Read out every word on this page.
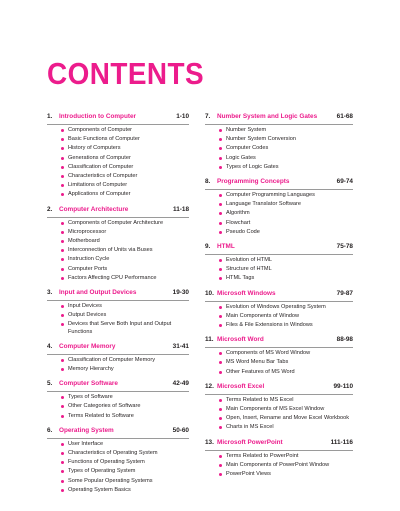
CONTENTS
1. Introduction to Computer	1-10
Components of Computer
Basic Functions of Computer
History of Computers
Generations of Computer
Classification of Computer
Characteristics of Computer
Limitations of Computer
Applications of Computer
2. Computer Architecture	11-18
Components of Computer Architecture
Microprocessor
Motherboard
Interconnection of Units via Buses
Instruction Cycle
Computer Ports
Factors Affecting CPU Performance
3. Input and Output Devices	19-30
Input Devices
Output Devices
Devices that Serve Both Input and Output Functions
4. Computer Memory	31-41
Classification of Computer Memory
Memory Hierarchy
5. Computer Software	42-49
Types of Software
Other Categories of Software
Terms Related to Software
6. Operating System	50-60
User Interface
Characteristics of Operating System
Functions of Operating System
Types of Operating System
Some Popular Operating Systems
Operating System Basics
7. Number System and Logic Gates	61-68
Number System
Number System Conversion
Computer Codes
Logic Gates
Types of Logic Gates
8. Programming Concepts	69-74
Computer Programming Languages
Language Translator Software
Algorithm
Flowchart
Pseudo Code
9. HTML	75-78
Evolution of HTML
Structure of HTML
HTML Tags
10. Microsoft Windows	79-87
Evolution of Windows Operating System
Main Components of Window
Files & File Extensions in Windows
11. Microsoft Word	88-98
Components of MS Word Window
MS Word Menu Bar Tabs
Other Features of MS Word
12. Microsoft Excel	99-110
Terms Related to MS Excel
Main Components of MS Excel Window
Open, Insert, Rename and Move Excel Workbook
Charts in MS Excel
13. Microsoft PowerPoint	111-116
Terms Related to PowerPoint
Main Components of PowerPoint Window
PowerPoint Views
